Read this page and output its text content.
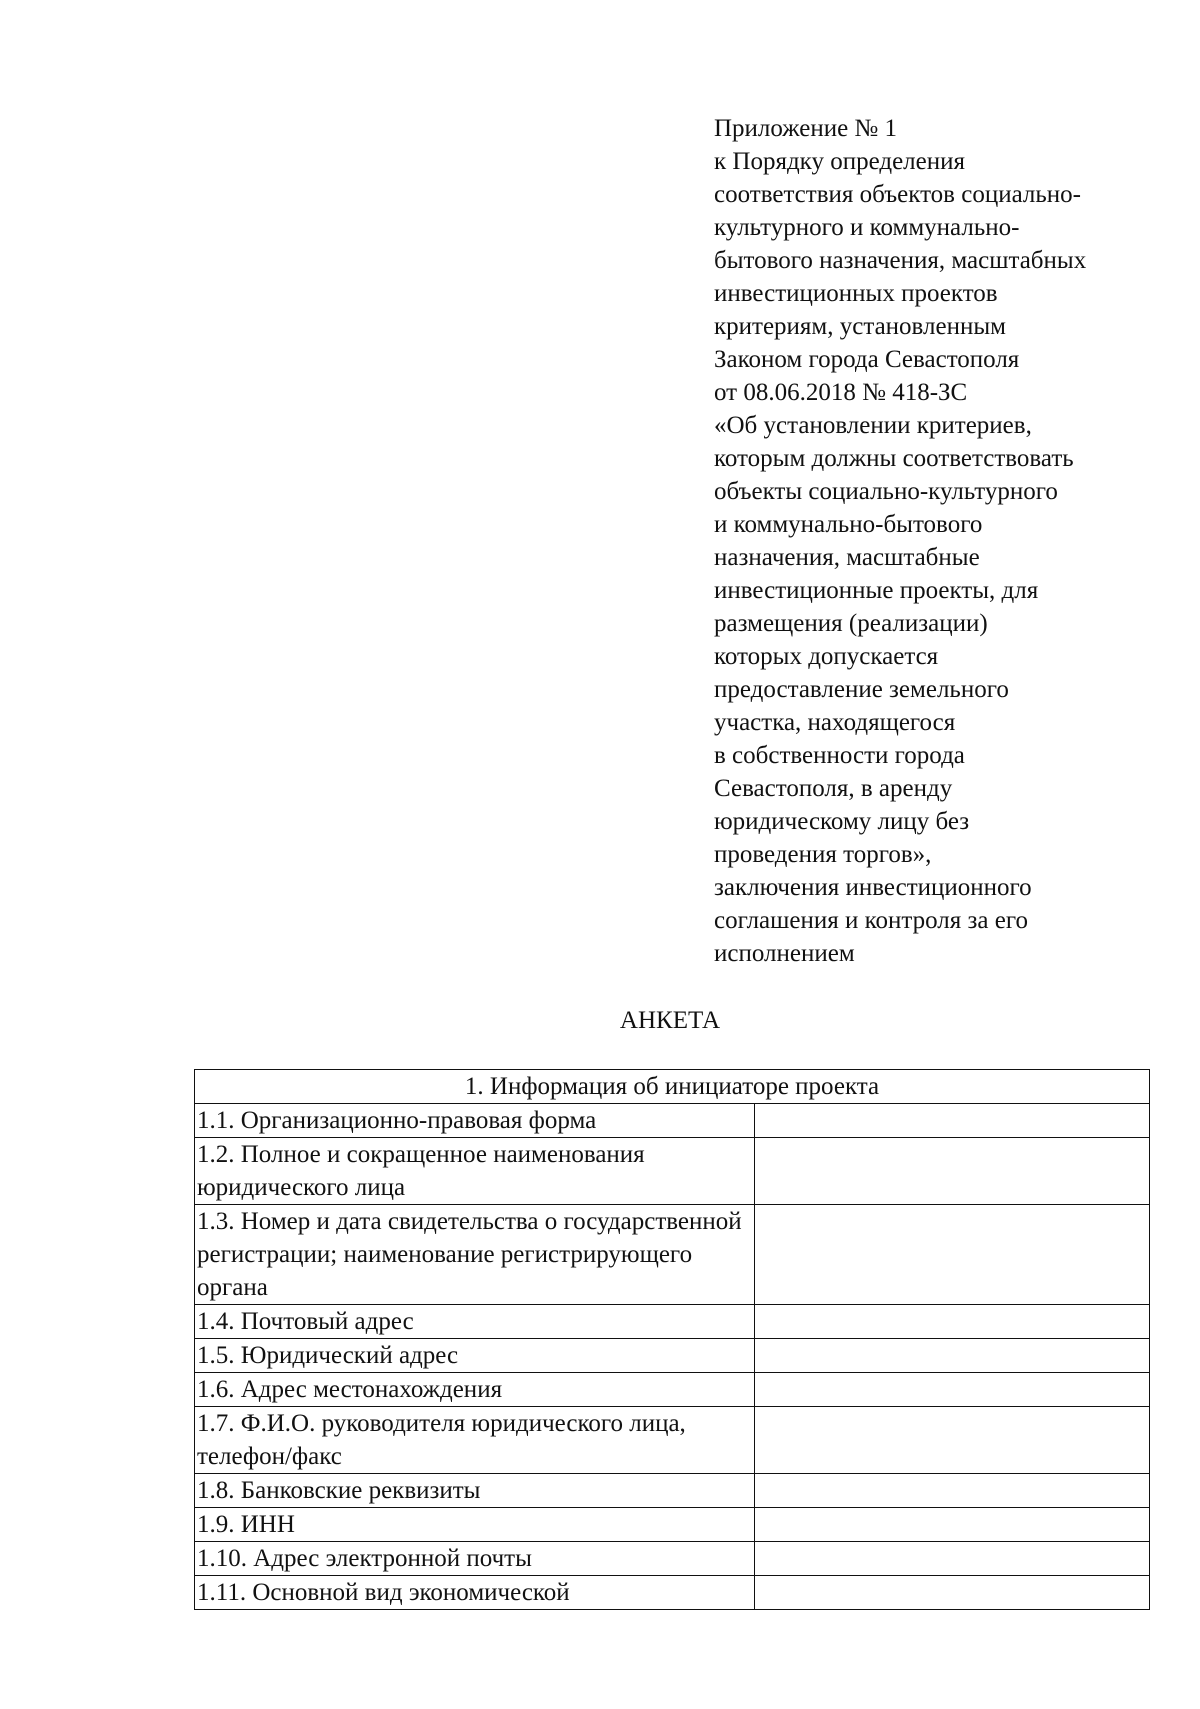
Приложение № 1
к Порядку определения
соответствия объектов социально-
культурного и коммунально-
бытового назначения, масштабных
инвестиционных проектов
критериям, установленным
Законом города Севастополя
от 08.06.2018 № 418-ЗС
«Об установлении критериев,
которым должны соответствовать
объекты социально-культурного
и коммунально-бытового
назначения, масштабные
инвестиционные проекты, для
размещения (реализации)
которых допускается
предоставление земельного
участка, находящегося
в собственности города
Севастополя, в аренду
юридическому лицу без
проведения торгов»,
заключения инвестиционного
соглашения и контроля за его
исполнением
АНКЕТА
1. Информация об инициаторе проекта	
1.1. Организационно-правовая форма	
1.2. Полное и сокращенное наименования юридического лица	
1.3. Номер и дата свидетельства о государственной регистрации; наименование регистрирующего органа	
1.4. Почтовый адрес	
1.5. Юридический адрес	
1.6. Адрес местонахождения	
1.7. Ф.И.О. руководителя юридического лица, телефон/факс	
1.8. Банковские реквизиты	
1.9. ИНН	
1.10. Адрес электронной почты	
1.11. Основной вид экономической	
